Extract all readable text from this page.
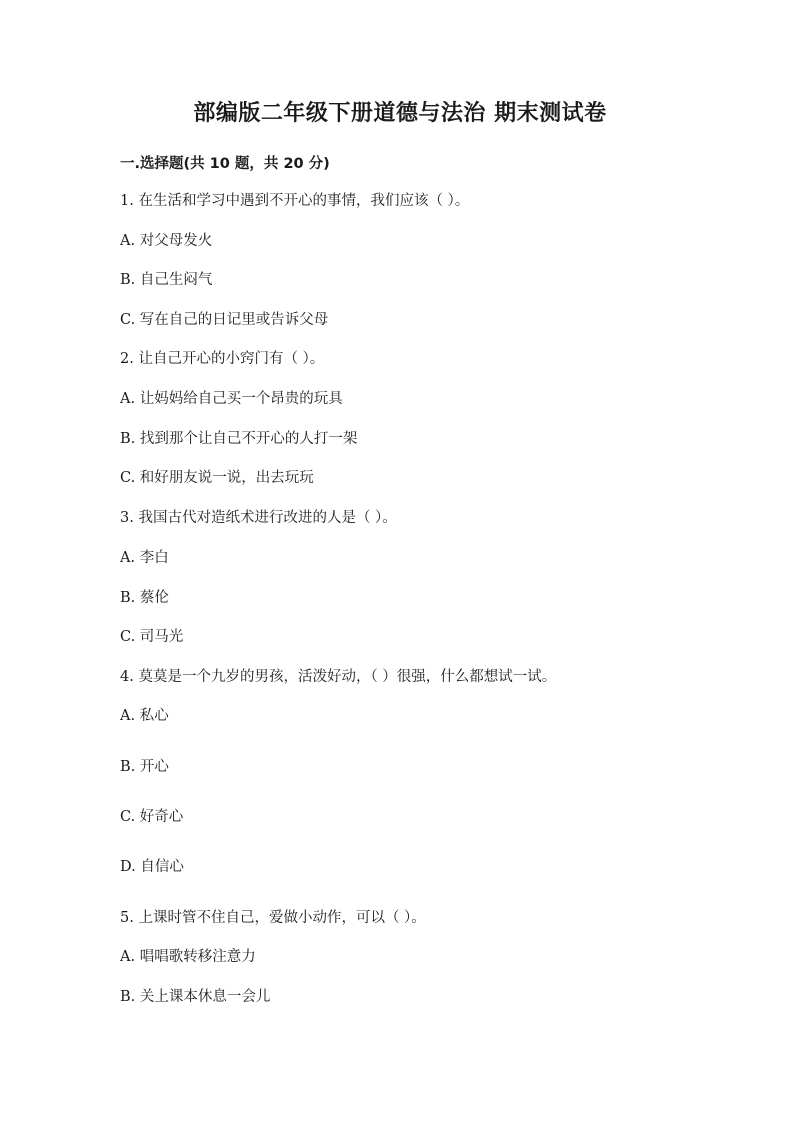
部编版二年级下册道德与法治 期末测试卷
一.选择题(共 10 题，共 20 分)
1. 在生活和学习中遇到不开心的事情，我们应该（ ）。
A. 对父母发火
B. 自己生闷气
C. 写在自己的日记里或告诉父母
2. 让自己开心的小窍门有（ ）。
A. 让妈妈给自己买一个昂贵的玩具
B. 找到那个让自己不开心的人打一架
C. 和好朋友说一说，出去玩玩
3. 我国古代对造纸术进行改进的人是（ ）。
A. 李白
B. 蔡伦
C. 司马光
4. 莫莫是一个九岁的男孩，活泼好动，（ ）很强，什么都想试一试。
A. 私心
B. 开心
C. 好奇心
D. 自信心
5. 上课时管不住自己，爱做小动作，可以（ ）。
A. 唱唱歌转移注意力
B. 关上课本休息一会儿
